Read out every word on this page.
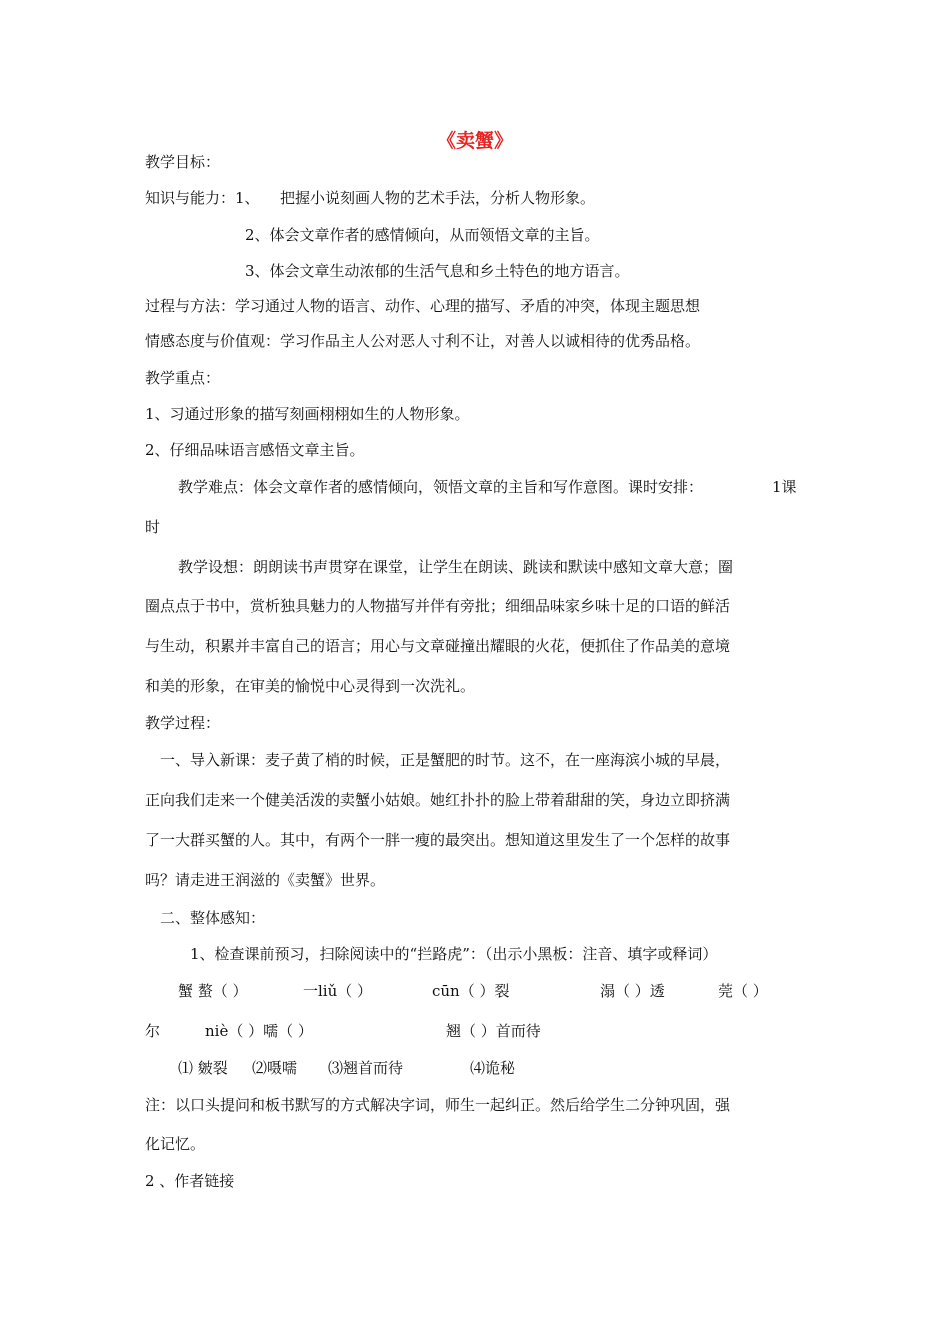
《卖蟹》
教学目标：
知识与能力：1、 把握小说刻画人物的艺术手法，分析人物形象。
2、体会文章作者的感情倾向，从而领悟文章的主旨。
3、体会文章生动浓郁的生活气息和乡土特色的地方语言。
过程与方法：学习通过人物的语言、动作、心理的描写、矛盾的冲突，体现主题思想
情感态度与价值观：学习作品主人公对恶人寸利不让，对善人以诚相待的优秀品格。
教学重点：
1、习通过形象的描写刻画栩栩如生的人物形象。
2、仔细品味语言感悟文章主旨。
教学难点：体会文章作者的感情倾向，领悟文章的主旨和写作意图。课时安排：	1课
时
教学设想：朗朗读书声贯穿在课堂，让学生在朗读、跳读和默读中感知文章大意；圈
圈点点于书中，赏析独具魅力的人物描写并伴有旁批；细细品味家乡味十足的口语的鲜活
与生动，积累并丰富自己的语言；用心与文章碰撞出耀眼的火花，便抓住了作品美的意境
和美的形象，在审美的愉悦中心灵得到一次洗礼。
教学过程：
一、导入新课：麦子黄了梢的时候，正是蟹肥的时节。这不，在一座海滨小城的早晨，
正向我们走来一个健美活泼的卖蟹小姑娘。她红扑扑的脸上带着甜甜的笑，身边立即挤满
了一大群买蟹的人。其中，有两个一胖一瘦的最突出。想知道这里发生了一个怎样的故事
吗？请走进王润滋的《卖蟹》世界。
二、整体感知：
1、检查课前预习，扫除阅读中的“拦路虎”：（出示小黑板：注音、填字或释词）
蟹 螯（ ）	一liǔ（ ）	cūn（ ）裂	溻（ ）透	莞（ ）
尔	niè（ ）嚅（ ）	翘（ ）首而待
⑴ 皴裂 ⑵嗫嚅 ⑶翘首而待	⑷诡秘
注：以口头提问和板书默写的方式解决字词，师生一起纠正。然后给学生二分钟巩固，强
化记忆。
2 、作者链接
